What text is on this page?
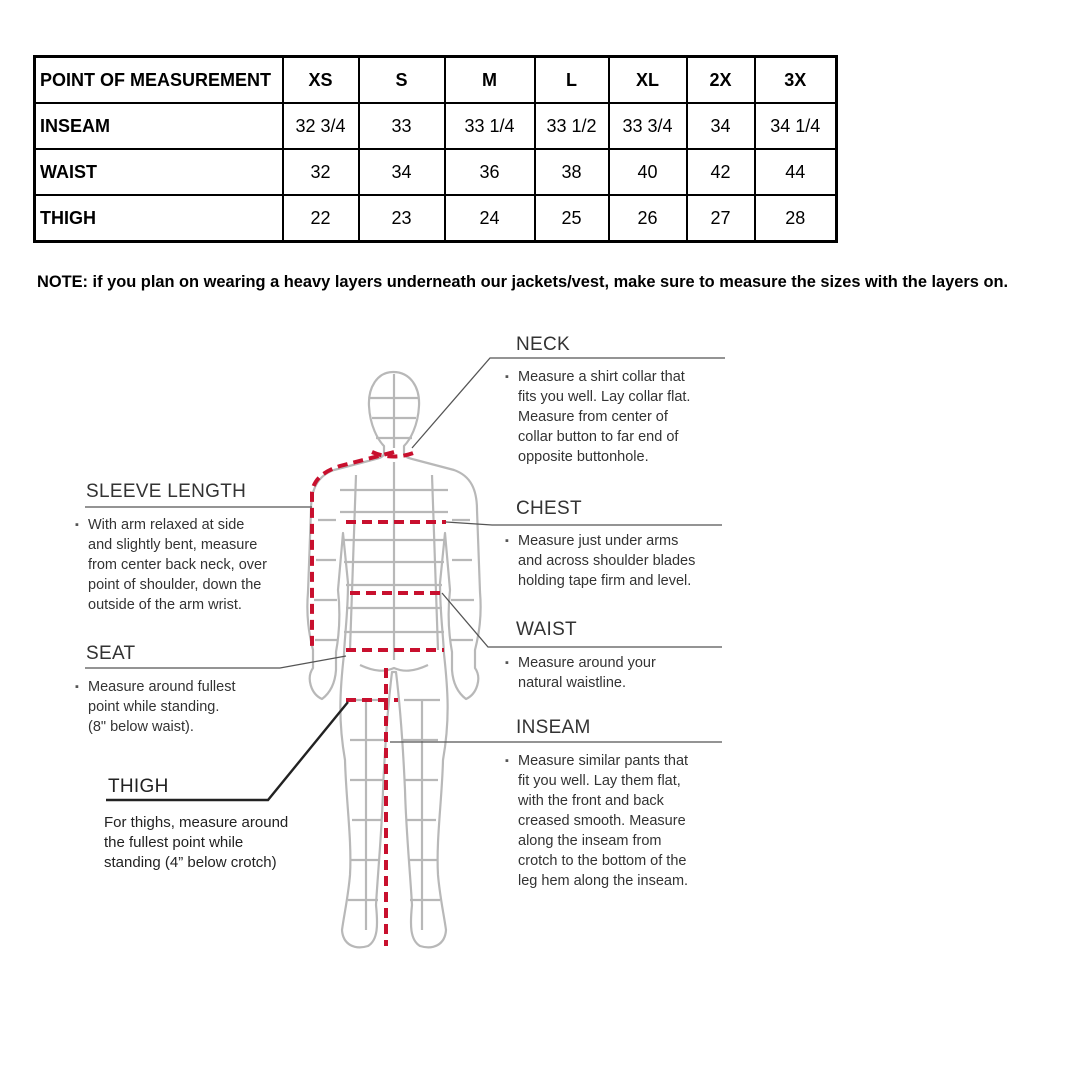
POINT OF MEASUREMENT	XS	S	M	L	XL	2X	3X
INSEAM	32 3/4	33	33 1/4	33 1/2	33 3/4	34	34 1/4
WAIST	32	34	36	38	40	42	44
THIGH	22	23	24	25	26	27	28
NOTE: if you plan on wearing a heavy layers underneath our jackets/vest, make sure to measure the sizes with the layers on.
NECK
▪ Measure a shirt collar that
fits you well. Lay collar flat.
Measure from center of
collar button to far end of
opposite buttonhole.
CHEST
▪ Measure just under arms
and across shoulder blades
holding tape firm and level.
WAIST
▪ Measure around your
natural waistline.
INSEAM
▪ Measure similar pants that
fit you well. Lay them flat,
with the front and back
creased smooth. Measure
along the inseam from
crotch to the bottom of the
leg hem along the inseam.
SLEEVE LENGTH
▪ With arm relaxed at side
and slightly bent, measure
from center back neck, over
point of shoulder, down the
outside of the arm wrist.
SEAT
▪ Measure around fullest
point while standing.
(8" below waist).
THIGH
For thighs, measure around
the fullest point while
standing (4” below crotch)
